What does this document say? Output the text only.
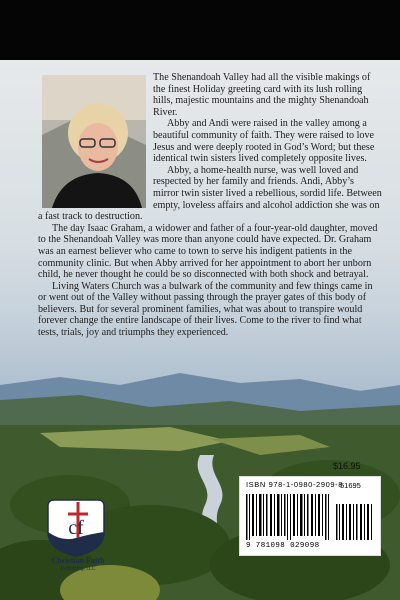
The Shenandoah Valley had all the visible makings of the finest Holiday greeting card with its lush rolling hills, majestic mountains and the mighty Shenandoah River.

Abby and Andi were raised in the valley among a beautiful community of faith. They were raised to love Jesus and were deeply rooted in God’s Word; but these identical twin sisters lived completely opposite lives.

Abby, a home-health nurse, was well loved and respected by her family and friends. Andi, Abby’s mirror twin sister lived a rebellious, sordid life. Between empty, loveless affairs and alcohol addiction she was on a fast track to destruction.

The day Isaac Graham, a widower and father of a four-year-old daughter, moved to the Shenandoah Valley was more than anyone could have expected. Dr. Graham was an earnest believer who came to town to serve his indigent patients in the community clinic. But when Abby arrived for her appointment to abort her unborn child, he never thought he could be so disconnected with both shock and betrayal.

Living Waters Church was a bulwark of the community and few things came in or went out of the Valley without passing through the prayer gates of this body of believers. But for several prominent families, what was about to transpire would forever change the entire landscape of their lives. Come to the river to find what tests, trials, joy and triumphs they experienced.

$16.95
ISBN 978-1-0980-2909-8
51695
9 781098 029098
cf
Christian Faith
Publishing, LLC
